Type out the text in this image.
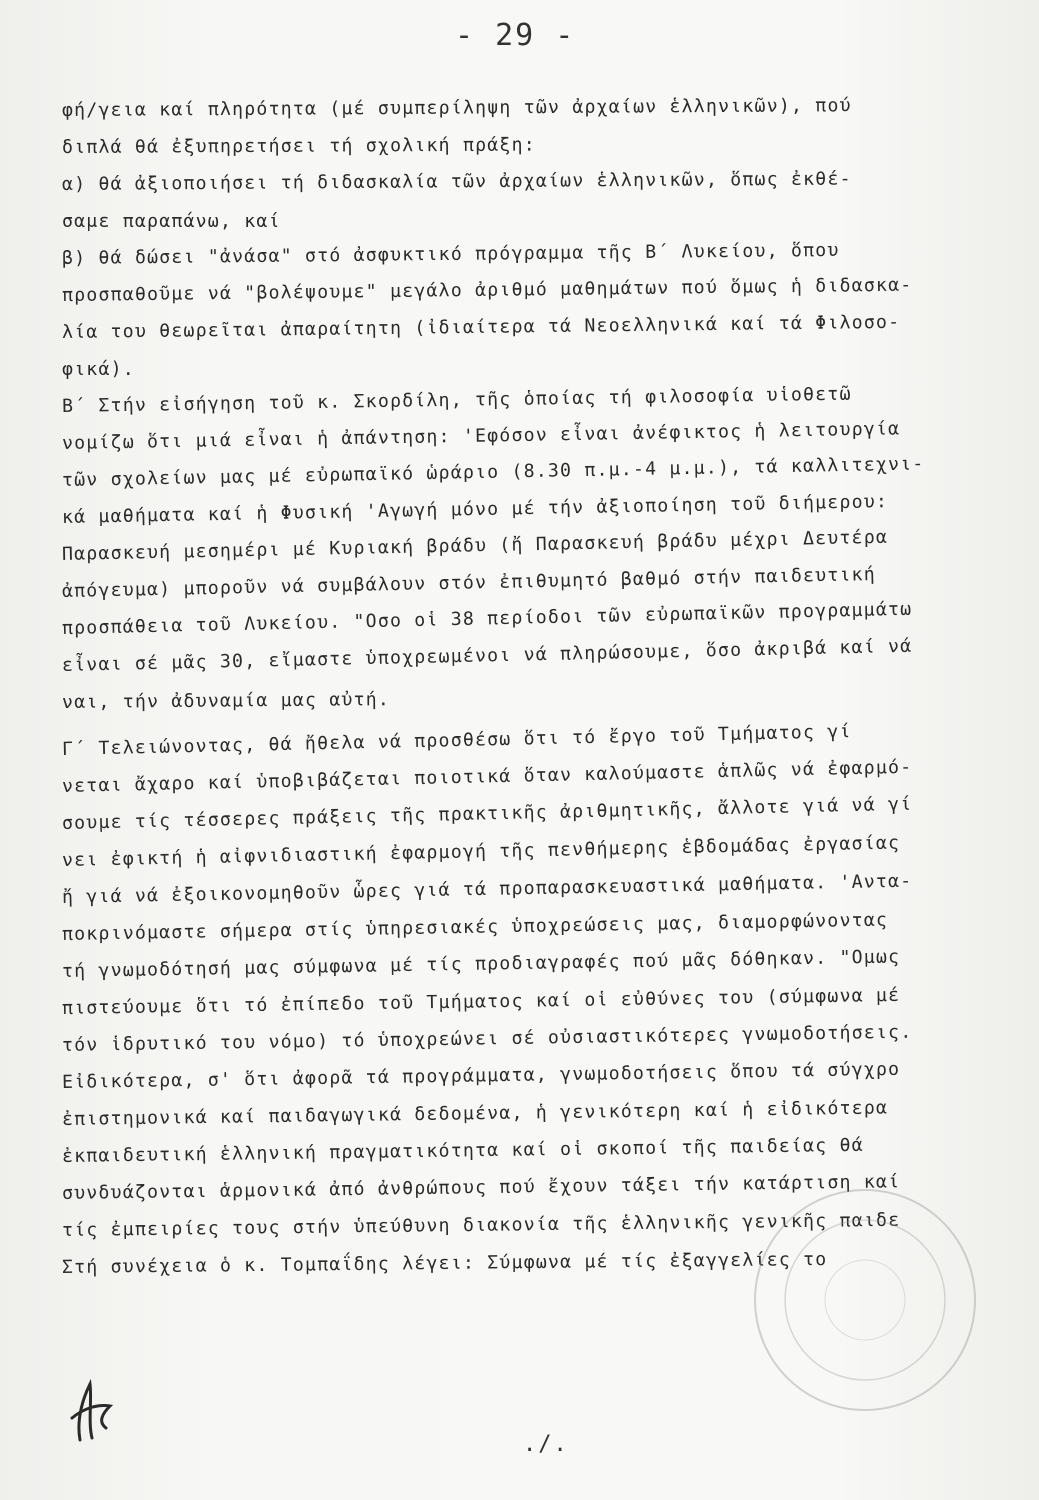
- 29 -
φή/γεια καί πληρότητα (μέ συμπερίληψη τῶν ἀρχαίων ἑλληνικῶν), πού
διπλά θά ἐξυπηρετήσει τή σχολική πράξη:
α) θά ἀξιοποιήσει τή διδασκαλία τῶν ἀρχαίων ἑλληνικῶν, ὅπως ἐκθέ-
σαμε παραπάνω, καί
β) θά δώσει "ἀνάσα" στό ἀσφυκτικό πρόγραμμα τῆς Β΄ Λυκείου, ὅπου
προσπαθοῦμε νά "βολέψουμε" μεγάλο ἀριθμό μαθημάτων πού ὅμως ἡ διδασκα-
λία του θεωρεῖται ἀπαραίτητη (ἰδιαίτερα τά Νεοελληνικά καί τά Φιλοσο-
φικά).
Β΄ Στήν εἰσήγηση τοῦ κ. Σκορδίλη, τῆς ὁποίας τή φιλοσοφία υἱοθετῶ
νομίζω ὅτι μιά εἶναι ἡ ἀπάντηση: 'Εφόσον εἶναι ἀνέφικτος ἡ λειτουργία
τῶν σχολείων μας μέ εὐρωπαϊκό ὡράριο (8.30 π.μ.-4 μ.μ.), τά καλλιτεχνι-
κά μαθήματα καί ἡ Φυσική 'Αγωγή μόνο μέ τήν ἀξιοποίηση τοῦ διήμερου:
Παρασκευή μεσημέρι μέ Κυριακή βράδυ (ἤ Παρασκευή βράδυ μέχρι Δευτέρα
ἀπόγευμα) μποροῦν νά συμβάλουν στόν ἐπιθυμητό βαθμό στήν παιδευτική
προσπάθεια τοῦ Λυκείου. "Οσο οἱ 38 περίοδοι τῶν εὐρωπαϊκῶν προγραμμάτω
εἶναι σέ μᾶς 30, εἴμαστε ὑποχρεωμένοι νά πληρώσουμε, ὅσο ἀκριβά καί νά
ναι, τήν ἀδυναμία μας αὐτή.
Γ΄ Τελειώνοντας, θά ἤθελα νά προσθέσω ὅτι τό ἔργο τοῦ Τμήματος γί
νεται ἄχαρο καί ὑποβιβάζεται ποιοτικά ὅταν καλούμαστε ἁπλῶς νά ἐφαρμό-
σουμε τίς τέσσερες πράξεις τῆς πρακτικῆς ἀριθμητικῆς, ἄλλοτε γιά νά γί
νει ἐφικτή ἡ αἰφνιδιαστική ἐφαρμογή τῆς πενθήμερης ἑβδομάδας ἐργασίας
ἤ γιά νά ἐξοικονομηθοῦν ὧρες γιά τά προπαρασκευαστικά μαθήματα. 'Αντα-
ποκρινόμαστε σήμερα στίς ὑπηρεσιακές ὑποχρεώσεις μας, διαμορφώνοντας
τή γνωμοδότησή μας σύμφωνα μέ τίς προδιαγραφές πού μᾶς δόθηκαν. "Ομως
πιστεύουμε ὅτι τό ἐπίπεδο τοῦ Τμήματος καί οἱ εὐθύνες του (σύμφωνα μέ
τόν ἱδρυτικό του νόμο) τό ὑποχρεώνει σέ οὐσιαστικότερες γνωμοδοτήσεις.
Εἰδικότερα, σ' ὅτι ἀφορᾶ τά προγράμματα, γνωμοδοτήσεις ὅπου τά σύγχρο
ἐπιστημονικά καί παιδαγωγικά δεδομένα, ἡ γενικότερη καί ἡ εἰδικότερα
ἐκπαιδευτική ἑλληνική πραγματικότητα καί οἱ σκοποί τῆς παιδείας θά
συνδυάζονται ἁρμονικά ἀπό ἀνθρώπους πού ἔχουν τάξει τήν κατάρτιση καί
τίς ἐμπειρίες τους στήν ὑπεύθυνη διακονία τῆς ἑλληνικῆς γενικῆς παιδε
Στή συνέχεια ὁ κ. Τομπαΐδης λέγει: Σύμφωνα μέ τίς ἐξαγγελίες το
./.
